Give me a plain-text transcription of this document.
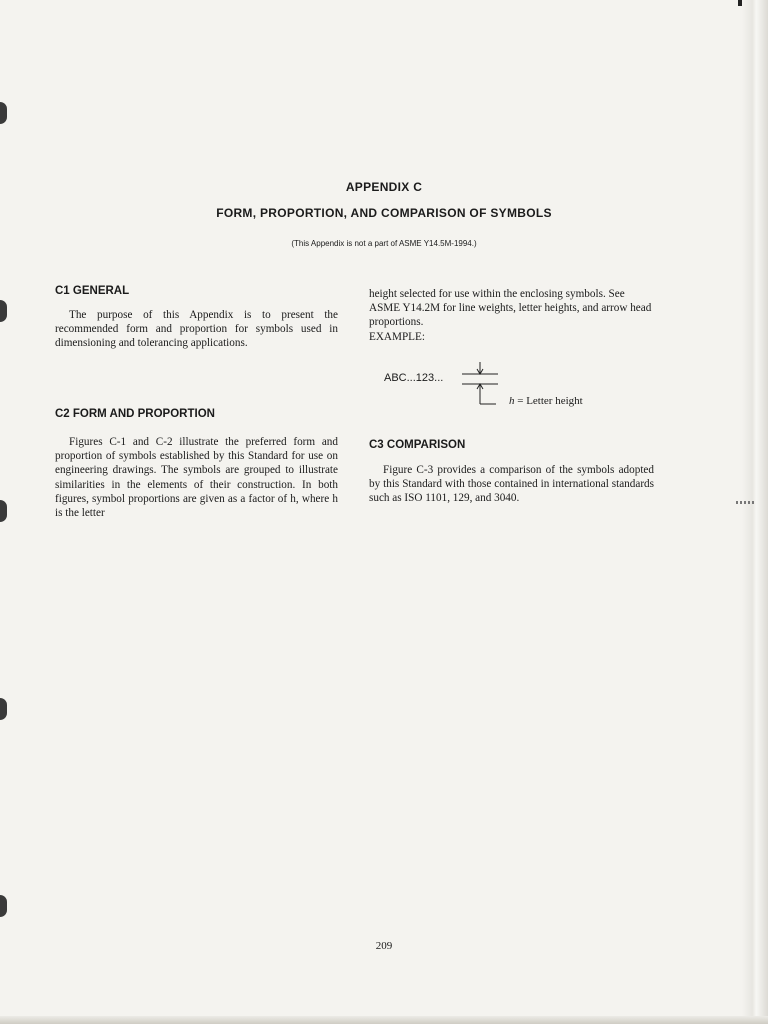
APPENDIX C
FORM, PROPORTION, AND COMPARISON OF SYMBOLS
(This Appendix is not a part of ASME Y14.5M-1994.)
C1 GENERAL
The purpose of this Appendix is to present the recommended form and proportion for symbols used in dimensioning and tolerancing applications.
C2 FORM AND PROPORTION
Figures C-1 and C-2 illustrate the preferred form and proportion of symbols established by this Standard for use on engineering drawings. The symbols are grouped to illustrate similarities in the elements of their construction. In both figures, symbol proportions are given as a factor of h, where h is the letter
height selected for use within the enclosing symbols. See ASME Y14.2M for line weights, letter heights, and arrow head proportions.
EXAMPLE:
ABC...123...
h = Letter height
C3 COMPARISON
Figure C-3 provides a comparison of the symbols adopted by this Standard with those contained in international standards such as ISO 1101, 129, and 3040.
209
